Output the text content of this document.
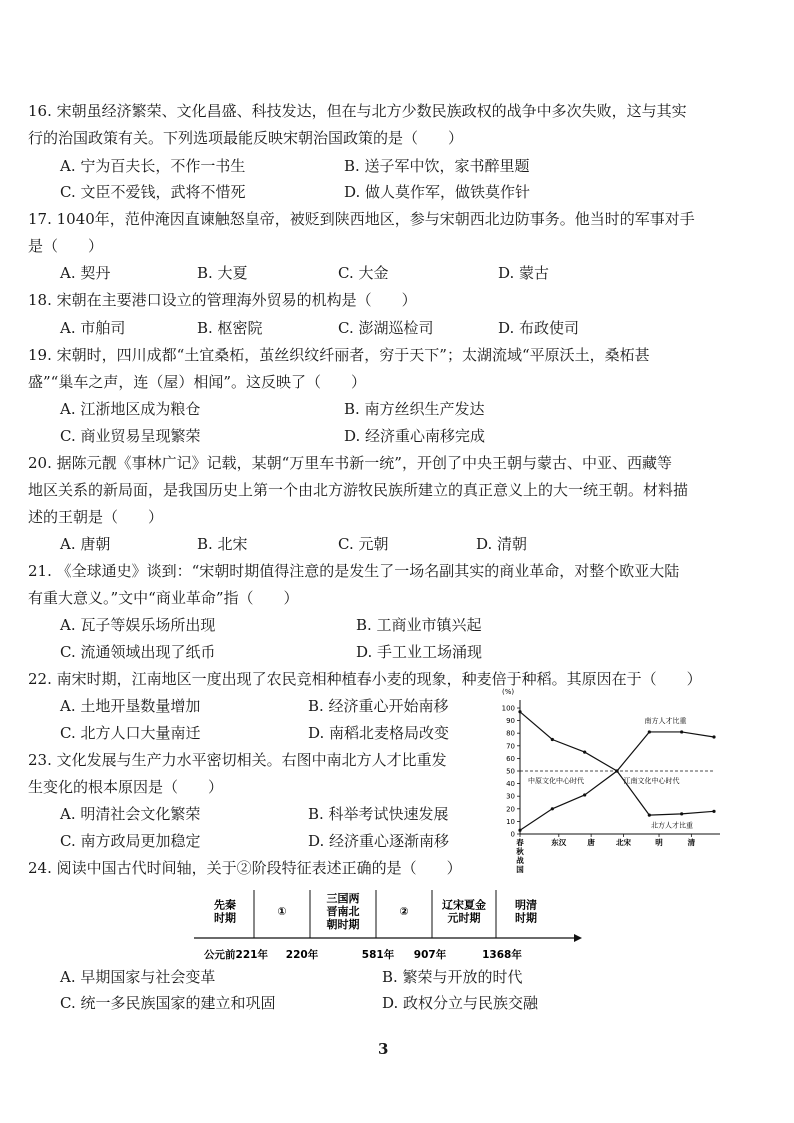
16. 宋朝虽经济繁荣、文化昌盛、科技发达，但在与北方少数民族政权的战争中多次失败，这与其实
行的治国政策有关。下列选项最能反映宋朝治国政策的是（　　）
A. 宁为百夫长，不作一书生	B. 送子军中饮，家书醉里题
C. 文臣不爱钱，武将不惜死	D. 做人莫作军，做铁莫作针
17. 1040年，范仲淹因直谏触怒皇帝，被贬到陕西地区，参与宋朝西北边防事务。他当时的军事对手
是（　　）
A. 契丹	B. 大夏	C. 大金	D. 蒙古
18. 宋朝在主要港口设立的管理海外贸易的机构是（　　）
A. 市舶司	B. 枢密院	C. 澎湖巡检司	D. 布政使司
19. 宋朝时，四川成都“土宜桑柘，茧丝织纹纤丽者，穷于天下”；太湖流域“平原沃土，桑柘甚
盛”“巢车之声，连（屋）相闻”。这反映了（　　）
A. 江浙地区成为粮仓	B. 南方丝织生产发达
C. 商业贸易呈现繁荣	D. 经济重心南移完成
20. 据陈元靓《事林广记》记载，某朝“万里车书新一统”，开创了中央王朝与蒙古、中亚、西藏等
地区关系的新局面，是我国历史上第一个由北方游牧民族所建立的真正意义上的大一统王朝。材料描
述的王朝是（　　）
A. 唐朝	B. 北宋	C. 元朝	D. 清朝
21. 《全球通史》谈到：“宋朝时期值得注意的是发生了一场名副其实的商业革命，对整个欧亚大陆
有重大意义。”文中“商业革命”指（　　）
A. 瓦子等娱乐场所出现	B. 工商业市镇兴起
C. 流通领域出现了纸币	D. 手工业工场涌现
22. 南宋时期，江南地区一度出现了农民竞相种植春小麦的现象，种麦倍于种稻。其原因在于（　　）
A. 土地开垦数量增加	B. 经济重心开始南移
C. 北方人口大量南迁	D. 南稻北麦格局改变
23. 文化发展与生产力水平密切相关。右图中南北方人才比重发
生变化的根本原因是（　　）
A. 明清社会文化繁荣	B. 科举考试快速发展
C. 南方政局更加稳定	D. 经济重心逐渐南移
(%)
0
10
20
30
40
50
60
70
80
90
100
春秋战国
东汉	唐	北宋	明	清
中原文化中心时代	江南文化中心时代
南方人才比重
北方人才比重
24. 阅读中国古代时间轴，关于②阶段特征表述正确的是（　　）
先秦时期	①
三国两晋南北朝时期
②	辽宋夏金元时期
明清时期
公元前221年 220年	581年 907年	1368年
A. 早期国家与社会变革	B. 繁荣与开放的时代
C. 统一多民族国家的建立和巩固	D. 政权分立与民族交融
3
